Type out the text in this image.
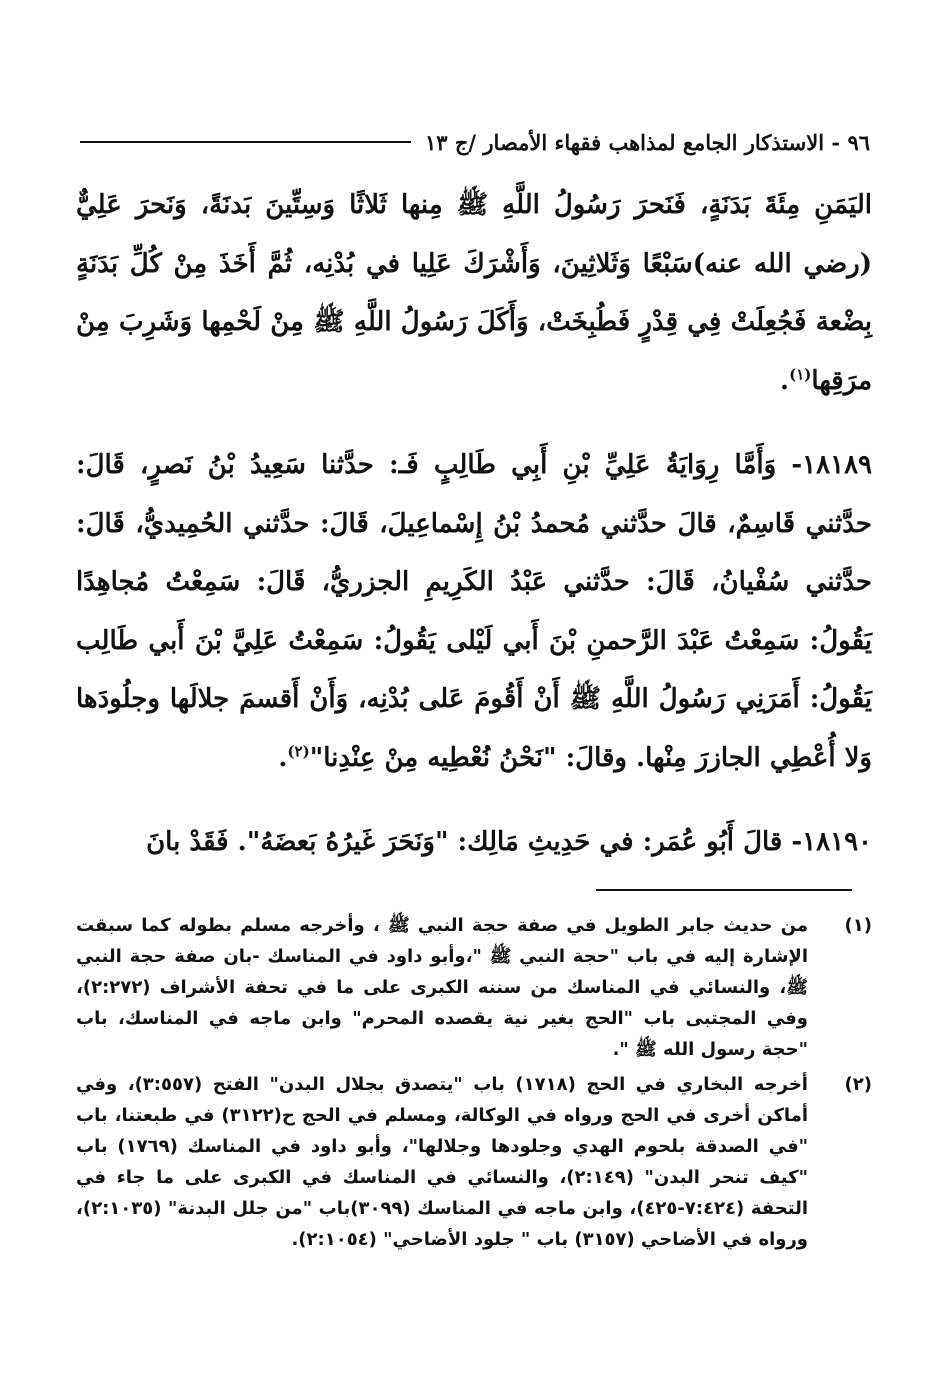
٩٦ - الاستذكار الجامع لمذاهب فقهاء الأمصار /ج ١٣

اليَمَنِ مِئَةَ بَدَنَةٍ، فَنَحرَ رَسُولُ اللَّهِ ﷺ مِنها ثَلاثًا وَسِتِّينَ بَدنَةً، وَنَحرَ عَلِيٌّ (رضي الله عنه)سَبْعًا وَثَلاثِينَ، وَأَشْرَكَ عَلِيا في بُدْنِه، ثُمَّ أَخَذَ مِنْ كُلِّ بَدَنَةٍ بِضْعة فَجُعِلَتْ فِي قِدْرٍ فَطُبِخَتْ، وَأَكَلَ رَسُولُ اللَّهِ ﷺ مِنْ لَحْمِها وَشَرِبَ مِنْ مرَقِها$^{(١)}$.

١٨١٨٩- وَأَمَّا رِوَايَةُ عَلِيِّ بْنِ أَبِي طَالِبٍ فَـ: حدَّثنا سَعِيدُ بْنُ نَصرٍ، قَالَ: حدَّثني قَاسِمٌ، قالَ حدَّثني مُحمدُ بْنُ إِسْماعِيلَ، قَالَ: حدَّثني الحُمِيديُّ، قَالَ: حدَّثني سُفْيانُ، قَالَ: حدَّثني عَبْدُ الكَرِيمِ الجزريُّ، قَالَ: سَمِعْتُ مُجاهِدًا يَقُولُ: سَمِعْتُ عَبْدَ الرَّحمنِ بْنَ أَبي لَيْلى يَقُولُ: سَمِعْتُ عَلِيَّ بْنَ أَبي طَالِب يَقُولُ: أَمَرَنِي رَسُولُ اللَّهِ ﷺ أَنْ أَقُومَ عَلى بُدْنِه، وَأَنْ أَقسمَ جلالَها وجلُودَها وَلا أُعْطِي الجازرَ مِنْها. وقالَ: "نَحْنُ نُعْطِيه مِنْ عِنْدِنا"$^{(٢)}$.

١٨١٩٠- قالَ أَبُو عُمَر: في حَدِيثِ مَالِك: "وَنَحَرَ غَيرُهُ بَعضَهُ". فَقَدْ بانَ

(١)
من حديث جابر الطويل في صفة حجة النبي ﷺ ، وأخرجه مسلم بطوله كما سبقت الإشارة إليه في باب "حجة النبي ﷺ "،وأبو داود في المناسك -بان صفة حجة النبي ﷺ، والنسائي في المناسك من سننه الكبرى على ما في تحفة الأشراف (٢:٢٧٢)، وفي المجتبى باب "الحج بغير نية يقصده المحرم" وابن ماجه في المناسك، باب "حجة رسول الله ﷺ ".
(٢)
أخرجه البخاري في الحج (١٧١٨) باب "يتصدق بجلال البدن" الفتح (٣:٥٥٧)، وفي أماكن أخرى في الحج ورواه في الوكالة، ومسلم في الحج ح(٣١٢٢) في طبعتنا، باب "في الصدقة بلحوم الهدي وجلودها وجلالها"، وأبو داود في المناسك (١٧٦٩) باب "كيف تنحر البدن" (٢:١٤٩)، والنسائي في المناسك في الكبرى على ما جاء في التحفة (٧:٤٢٤-٤٢٥)، وابن ماجه في المناسك (٣٠٩٩)باب "من جلل البدنة" (٢:١٠٣٥)، ورواه في الأضاحي (٣١٥٧) باب " جلود الأضاحي" (٢:١٠٥٤).
